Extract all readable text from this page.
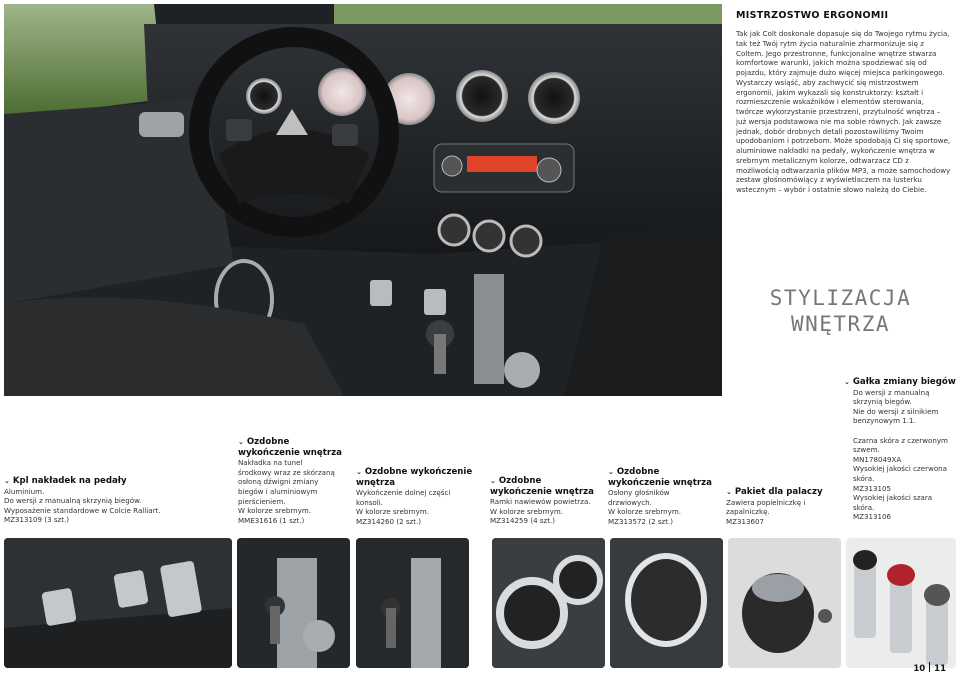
MISTRZOSTWO ERGONOMII
Tak jak Colt doskonale dopasuje się do Twojego rytmu życia, tak też Twój rytm życia naturalnie zharmonizuje się z Coltem. Jego przestronne, funkcjonalne wnętrze stwarza komfortowe warunki, jakich można spodziewać się od pojazdu, który zajmuje dużo więcej miejsca parkingowego. Wystarczy wsiąść, aby zachwycić się mistrzostwem ergonomii, jakim wykazali się konstruktorzy: kształt i rozmieszczenie wskaźników i elementów sterowania, twórcze wykorzystanie przestrzeni, przytulność wnętrza – już wersja podstawowa nie ma sobie równych. Jak zawsze jednak, dobór drobnych detali pozostawiliśmy Twoim upodobaniom i potrzebom. Może spodobają Ci się sportowe, aluminiowe nakładki na pedały, wykończenie wnętrza w srebrnym metalicznym kolorze, odtwarzacz CD z możliwością odtwarzania plików MP3, a może samochodowy zestaw głośnomówiący z wyświetlaczem na lusterku wstecznym – wybór i ostatnie słowo należą do Ciebie.
STYLIZACJA
WNĘTRZA
⌄ Kpl nakładek na pedały
Aluminium.
Do wersji z manualną skrzynią biegów.
Wyposażenie standardowe w Colcie Ralliart.
MZ313109 (3 szt.)
⌄ Ozdobne wykończenie wnętrza
Nakładka na tunel
środkowy wraz ze skórzaną
osłoną dźwigni zmiany
biegów i aluminiowym
pierścieniem.
W kolorze srebrnym.
MME31616 (1 szt.)
⌄ Ozdobne wykończenie wnętrza
Wykończenie dolnej części
konsoli.
W kolorze srebrnym.
MZ314260 (2 szt.)
⌄ Ozdobne wykończenie wnętrza
Ramki nawiewów powietrza.
W kolorze srebrnym.
MZ314259 (4 szt.)
⌄ Ozdobne wykończenie wnętrza
Osłony głośników
drzwiowych.
W kolorze srebrnym.
MZ313572 (2 szt.)
⌄ Pakiet dla palaczy
Zawiera popielniczkę i
zapalniczkę.
MZ313607
⌄ Gałka zmiany biegów
Do wersji z manualną
skrzynią biegów.
Nie do wersji z silnikiem
benzynowym 1.1.
Czarna skóra z czerwonym
szwem.
MN178049XA
Wysokiej jakości czerwona
skóra.
MZ313105
Wysokiej jakości szara
skóra.
MZ313106
10 11
